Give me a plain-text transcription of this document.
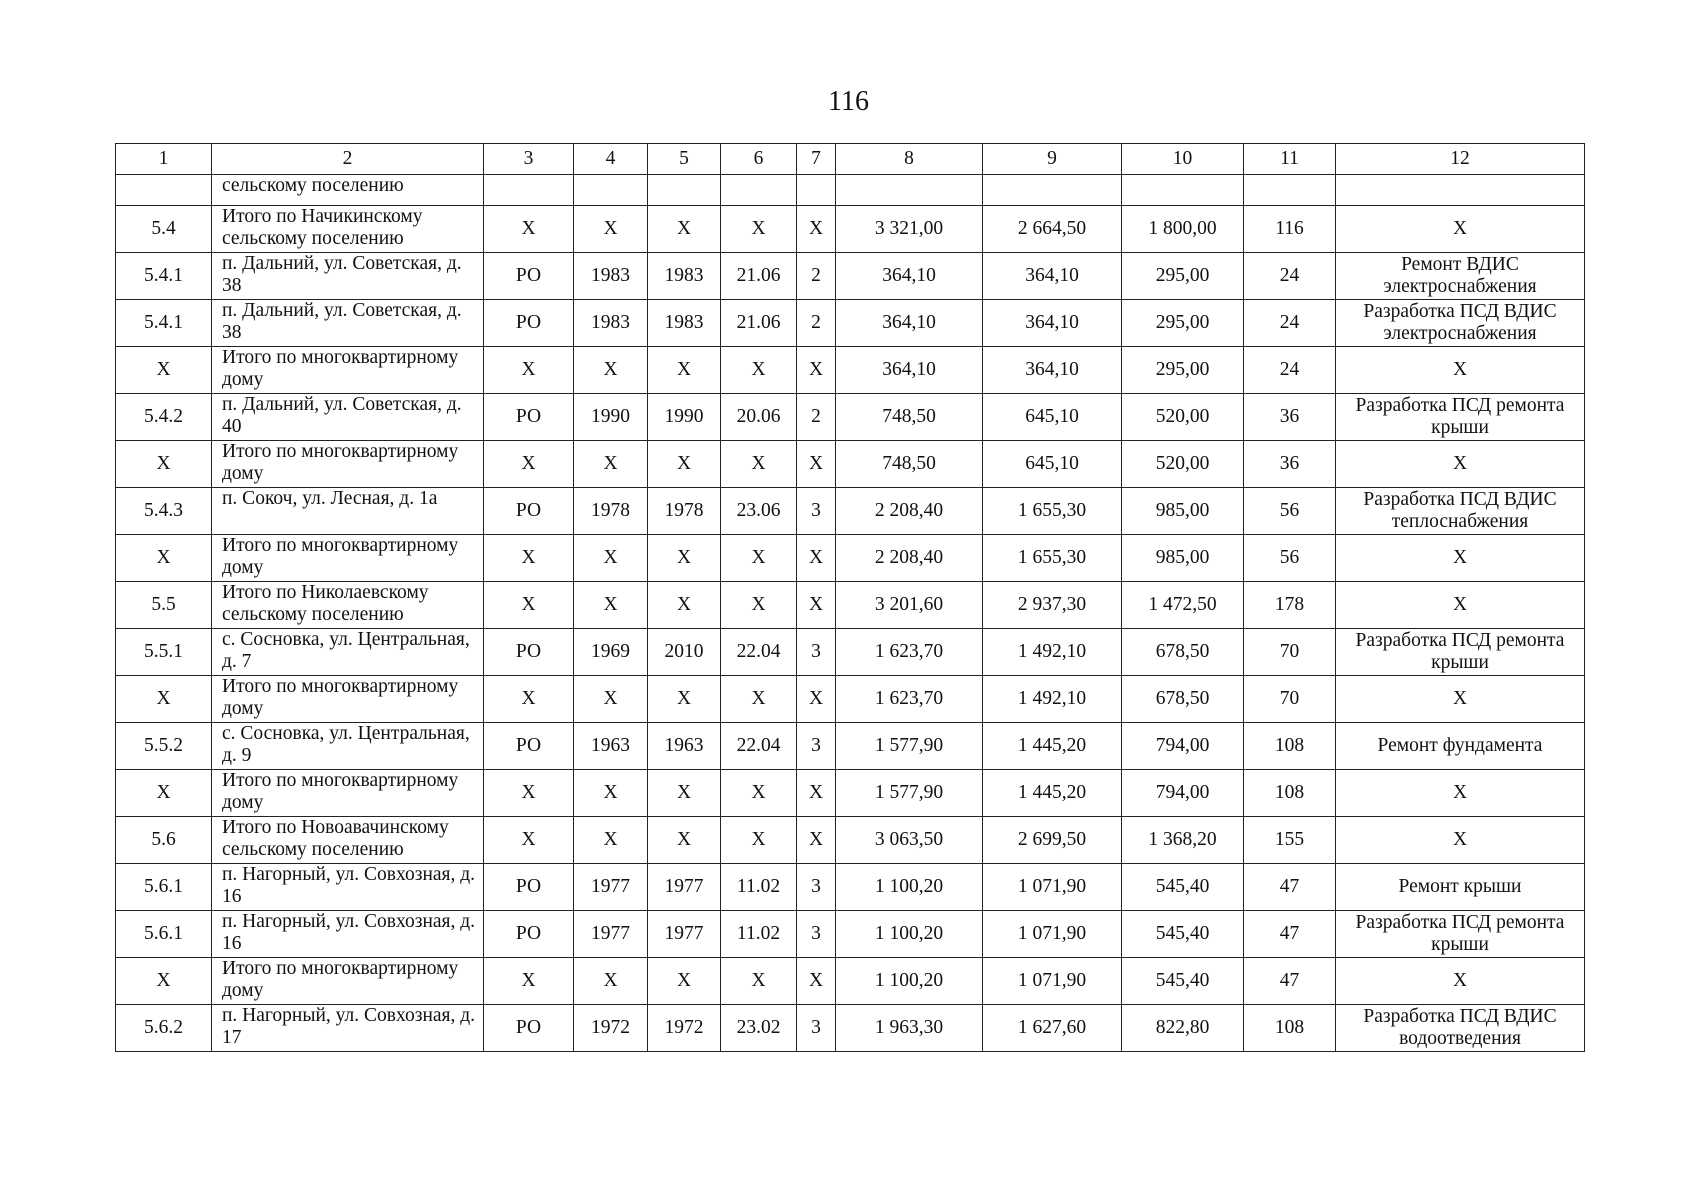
116
1	2	3	4	5	6	7	8	9	10	11	12
	сельскому поселению										
5.4	Итого по Начикинскому сельскому поселению	X	X	X	X	X	3 321,00	2 664,50	1 800,00	116	X
5.4.1	п. Дальний, ул. Советская, д. 38	РО	1983	1983	21.06	2	364,10	364,10	295,00	24	Ремонт ВДИС электроснабжения
5.4.1	п. Дальний, ул. Советская, д. 38	РО	1983	1983	21.06	2	364,10	364,10	295,00	24	Разработка ПСД ВДИС электроснабжения
X	Итого по многоквартирному дому	X	X	X	X	X	364,10	364,10	295,00	24	X
5.4.2	п. Дальний, ул. Советская, д. 40	РО	1990	1990	20.06	2	748,50	645,10	520,00	36	Разработка ПСД ремонта крыши
X	Итого по многоквартирному дому	X	X	X	X	X	748,50	645,10	520,00	36	X
5.4.3	п. Сокоч, ул. Лесная, д. 1а	РО	1978	1978	23.06	3	2 208,40	1 655,30	985,00	56	Разработка ПСД ВДИС теплоснабжения
X	Итого по многоквартирному дому	X	X	X	X	X	2 208,40	1 655,30	985,00	56	X
5.5	Итого по Николаевскому сельскому поселению	X	X	X	X	X	3 201,60	2 937,30	1 472,50	178	X
5.5.1	с. Сосновка, ул. Центральная, д. 7	РО	1969	2010	22.04	3	1 623,70	1 492,10	678,50	70	Разработка ПСД ремонта крыши
X	Итого по многоквартирному дому	X	X	X	X	X	1 623,70	1 492,10	678,50	70	X
5.5.2	с. Сосновка, ул. Центральная, д. 9	РО	1963	1963	22.04	3	1 577,90	1 445,20	794,00	108	Ремонт фундамента
X	Итого по многоквартирному дому	X	X	X	X	X	1 577,90	1 445,20	794,00	108	X
5.6	Итого по Новоавачинскому сельскому поселению	X	X	X	X	X	3 063,50	2 699,50	1 368,20	155	X
5.6.1	п. Нагорный, ул. Совхозная, д. 16	РО	1977	1977	11.02	3	1 100,20	1 071,90	545,40	47	Ремонт крыши
5.6.1	п. Нагорный, ул. Совхозная, д. 16	РО	1977	1977	11.02	3	1 100,20	1 071,90	545,40	47	Разработка ПСД ремонта крыши
X	Итого по многоквартирному дому	X	X	X	X	X	1 100,20	1 071,90	545,40	47	X
5.6.2	п. Нагорный, ул. Совхозная, д. 17	РО	1972	1972	23.02	3	1 963,30	1 627,60	822,80	108	Разработка ПСД ВДИС водоотведения
